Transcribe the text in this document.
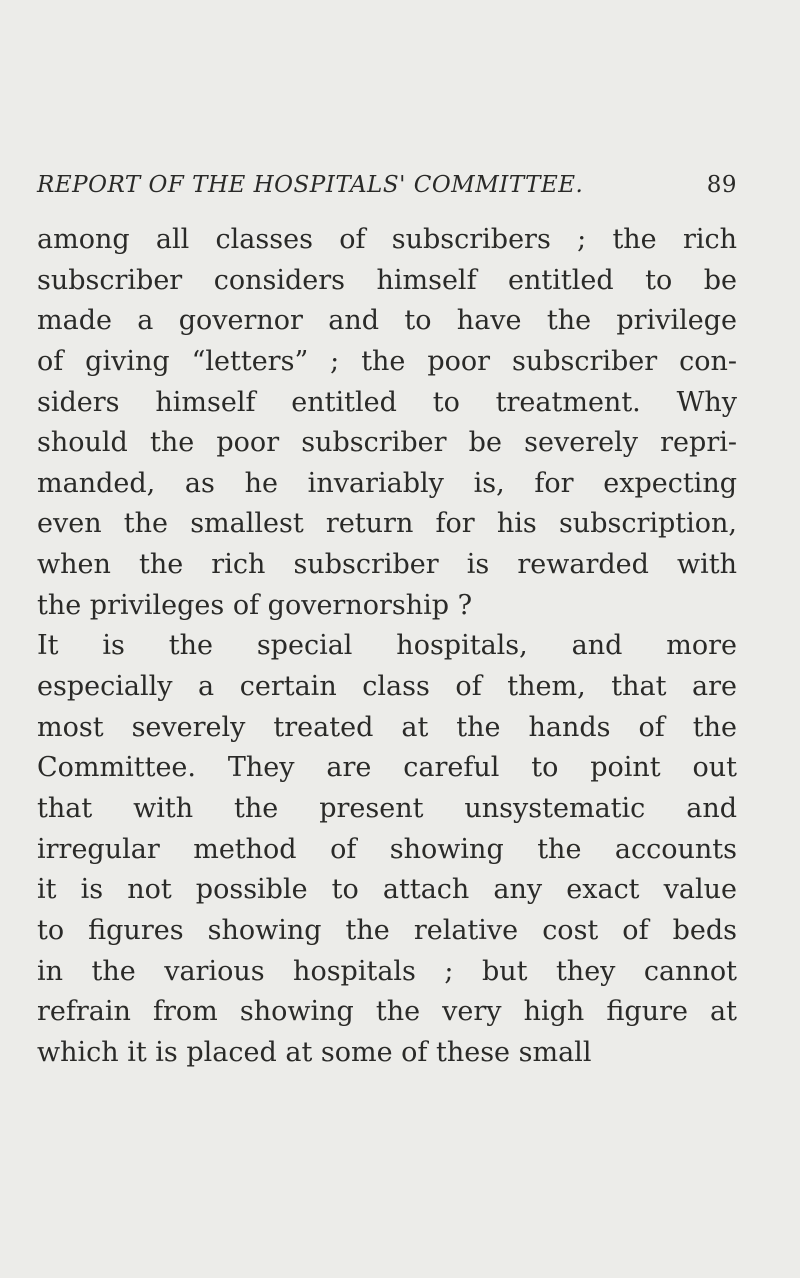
REPORT OF THE HOSPITALS' COMMITTEE.	89
among all classes of subscribers ; the rich
subscriber considers himself entitled to be
made a governor and to have the privilege
of giving “letters” ; the poor subscriber con-
siders himself entitled to treatment. Why
should the poor subscriber be severely repri-
manded, as he invariably is, for expecting
even the smallest return for his subscription,
when the rich subscriber is rewarded with
the privileges of governorship ?
It is the special hospitals, and more
especially a certain class of them, that are
most severely treated at the hands of the
Committee. They are careful to point out
that with the present unsystematic and
irregular method of showing the accounts
it is not possible to attach any exact value
to figures showing the relative cost of beds
in the various hospitals ; but they cannot
refrain from showing the very high figure at
which it is placed at some of these small
